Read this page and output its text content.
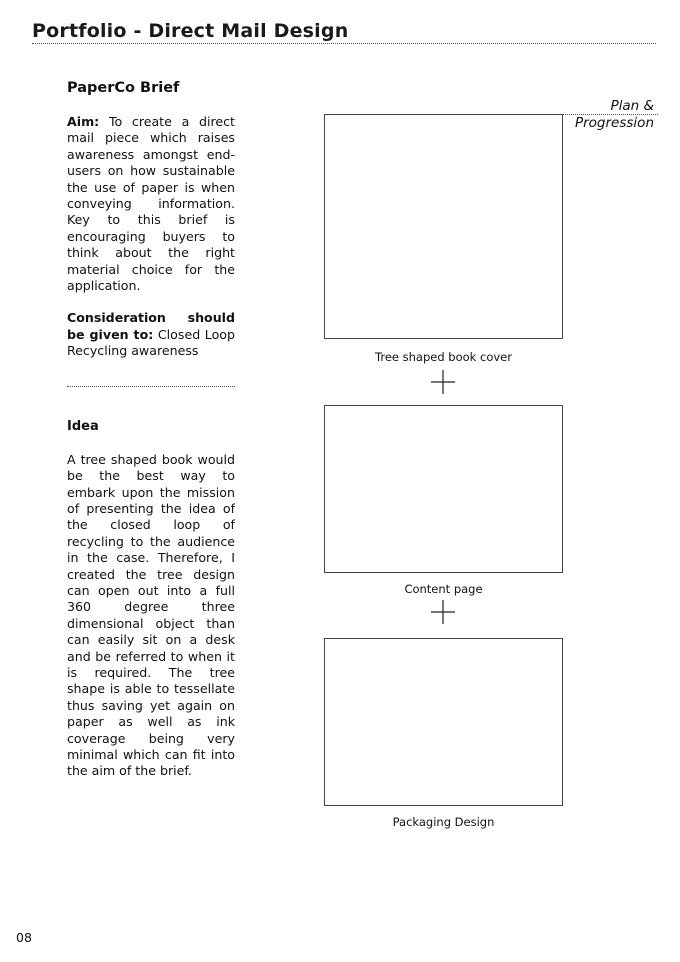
Portfolio - Direct Mail Design
PaperCo Brief

Aim: To create a direct mail piece which raises awareness amongst end-users on how sustainable the use of paper is when conveying information. Key to this brief is encouraging buyers to think about the right material choice for the application.

Consideration should be given to: Closed Loop Recycling awareness

Idea

A tree shaped book would be the best way to embark upon the mission of presenting the idea of the closed loop of recycling to the audience in the case. Therefore, I created the tree design can open out into a full 360 degree three dimensional object than can easily sit on a desk and be referred to when it is required. The tree shape is able to tessellate thus saving yet again on paper as well as ink coverage being very minimal which can fit into the aim of the brief.

Plan &
Progression
Tree shaped book cover
Content page
Packaging Design
08
